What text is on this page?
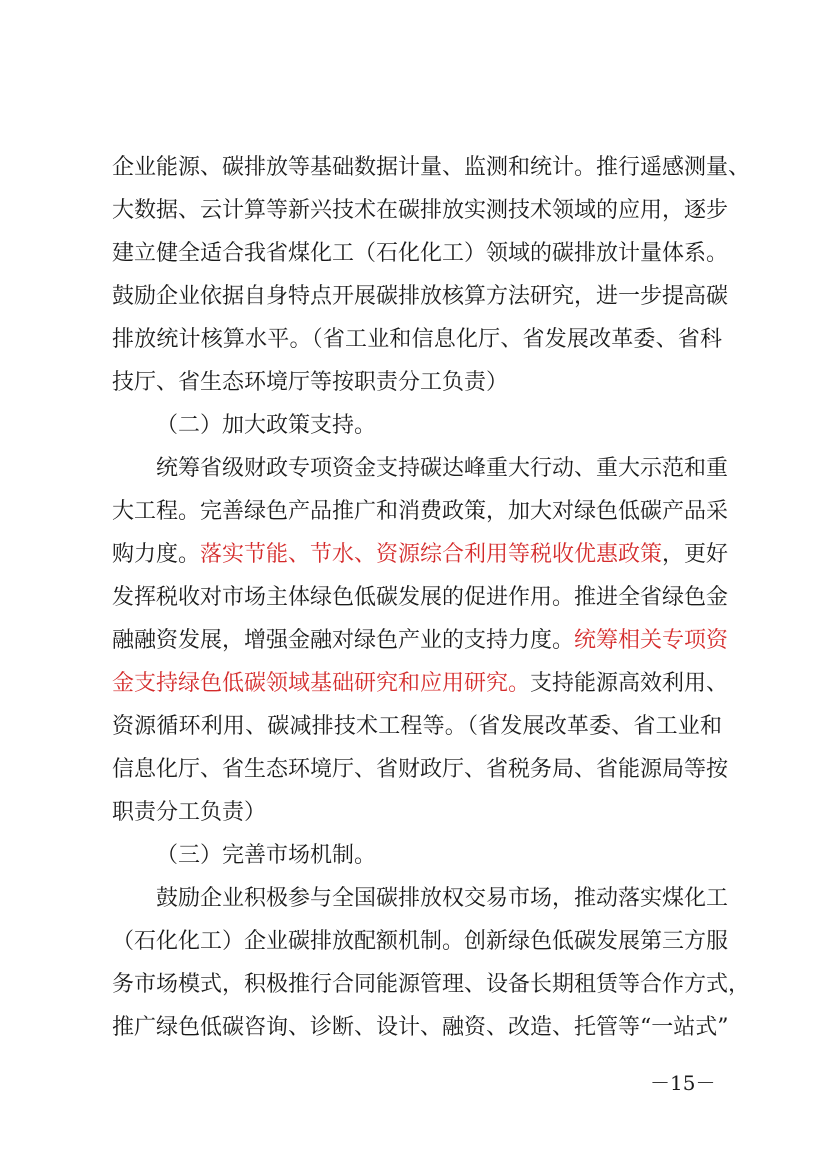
企业能源、碳排放等基础数据计量、监测和统计。推行遥感测量、
大数据、云计算等新兴技术在碳排放实测技术领域的应用，逐步
建立健全适合我省煤化工（石化化工）领域的碳排放计量体系。
鼓励企业依据自身特点开展碳排放核算方法研究，进一步提高碳
排放统计核算水平。（省工业和信息化厅、省发展改革委、省科
技厅、省生态环境厅等按职责分工负责）
（二）加大政策支持。
统筹省级财政专项资金支持碳达峰重大行动、重大示范和重
大工程。完善绿色产品推广和消费政策，加大对绿色低碳产品采
购力度。落实节能、节水、资源综合利用等税收优惠政策，更好
发挥税收对市场主体绿色低碳发展的促进作用。推进全省绿色金
融融资发展，增强金融对绿色产业的支持力度。统筹相关专项资
金支持绿色低碳领域基础研究和应用研究。支持能源高效利用、
资源循环利用、碳减排技术工程等。（省发展改革委、省工业和
信息化厅、省生态环境厅、省财政厅、省税务局、省能源局等按
职责分工负责）
（三）完善市场机制。
鼓励企业积极参与全国碳排放权交易市场，推动落实煤化工
（石化化工）企业碳排放配额机制。创新绿色低碳发展第三方服
务市场模式，积极推行合同能源管理、设备长期租赁等合作方式，
推广绿色低碳咨询、诊断、设计、融资、改造、托管等“一站式”
－15－
